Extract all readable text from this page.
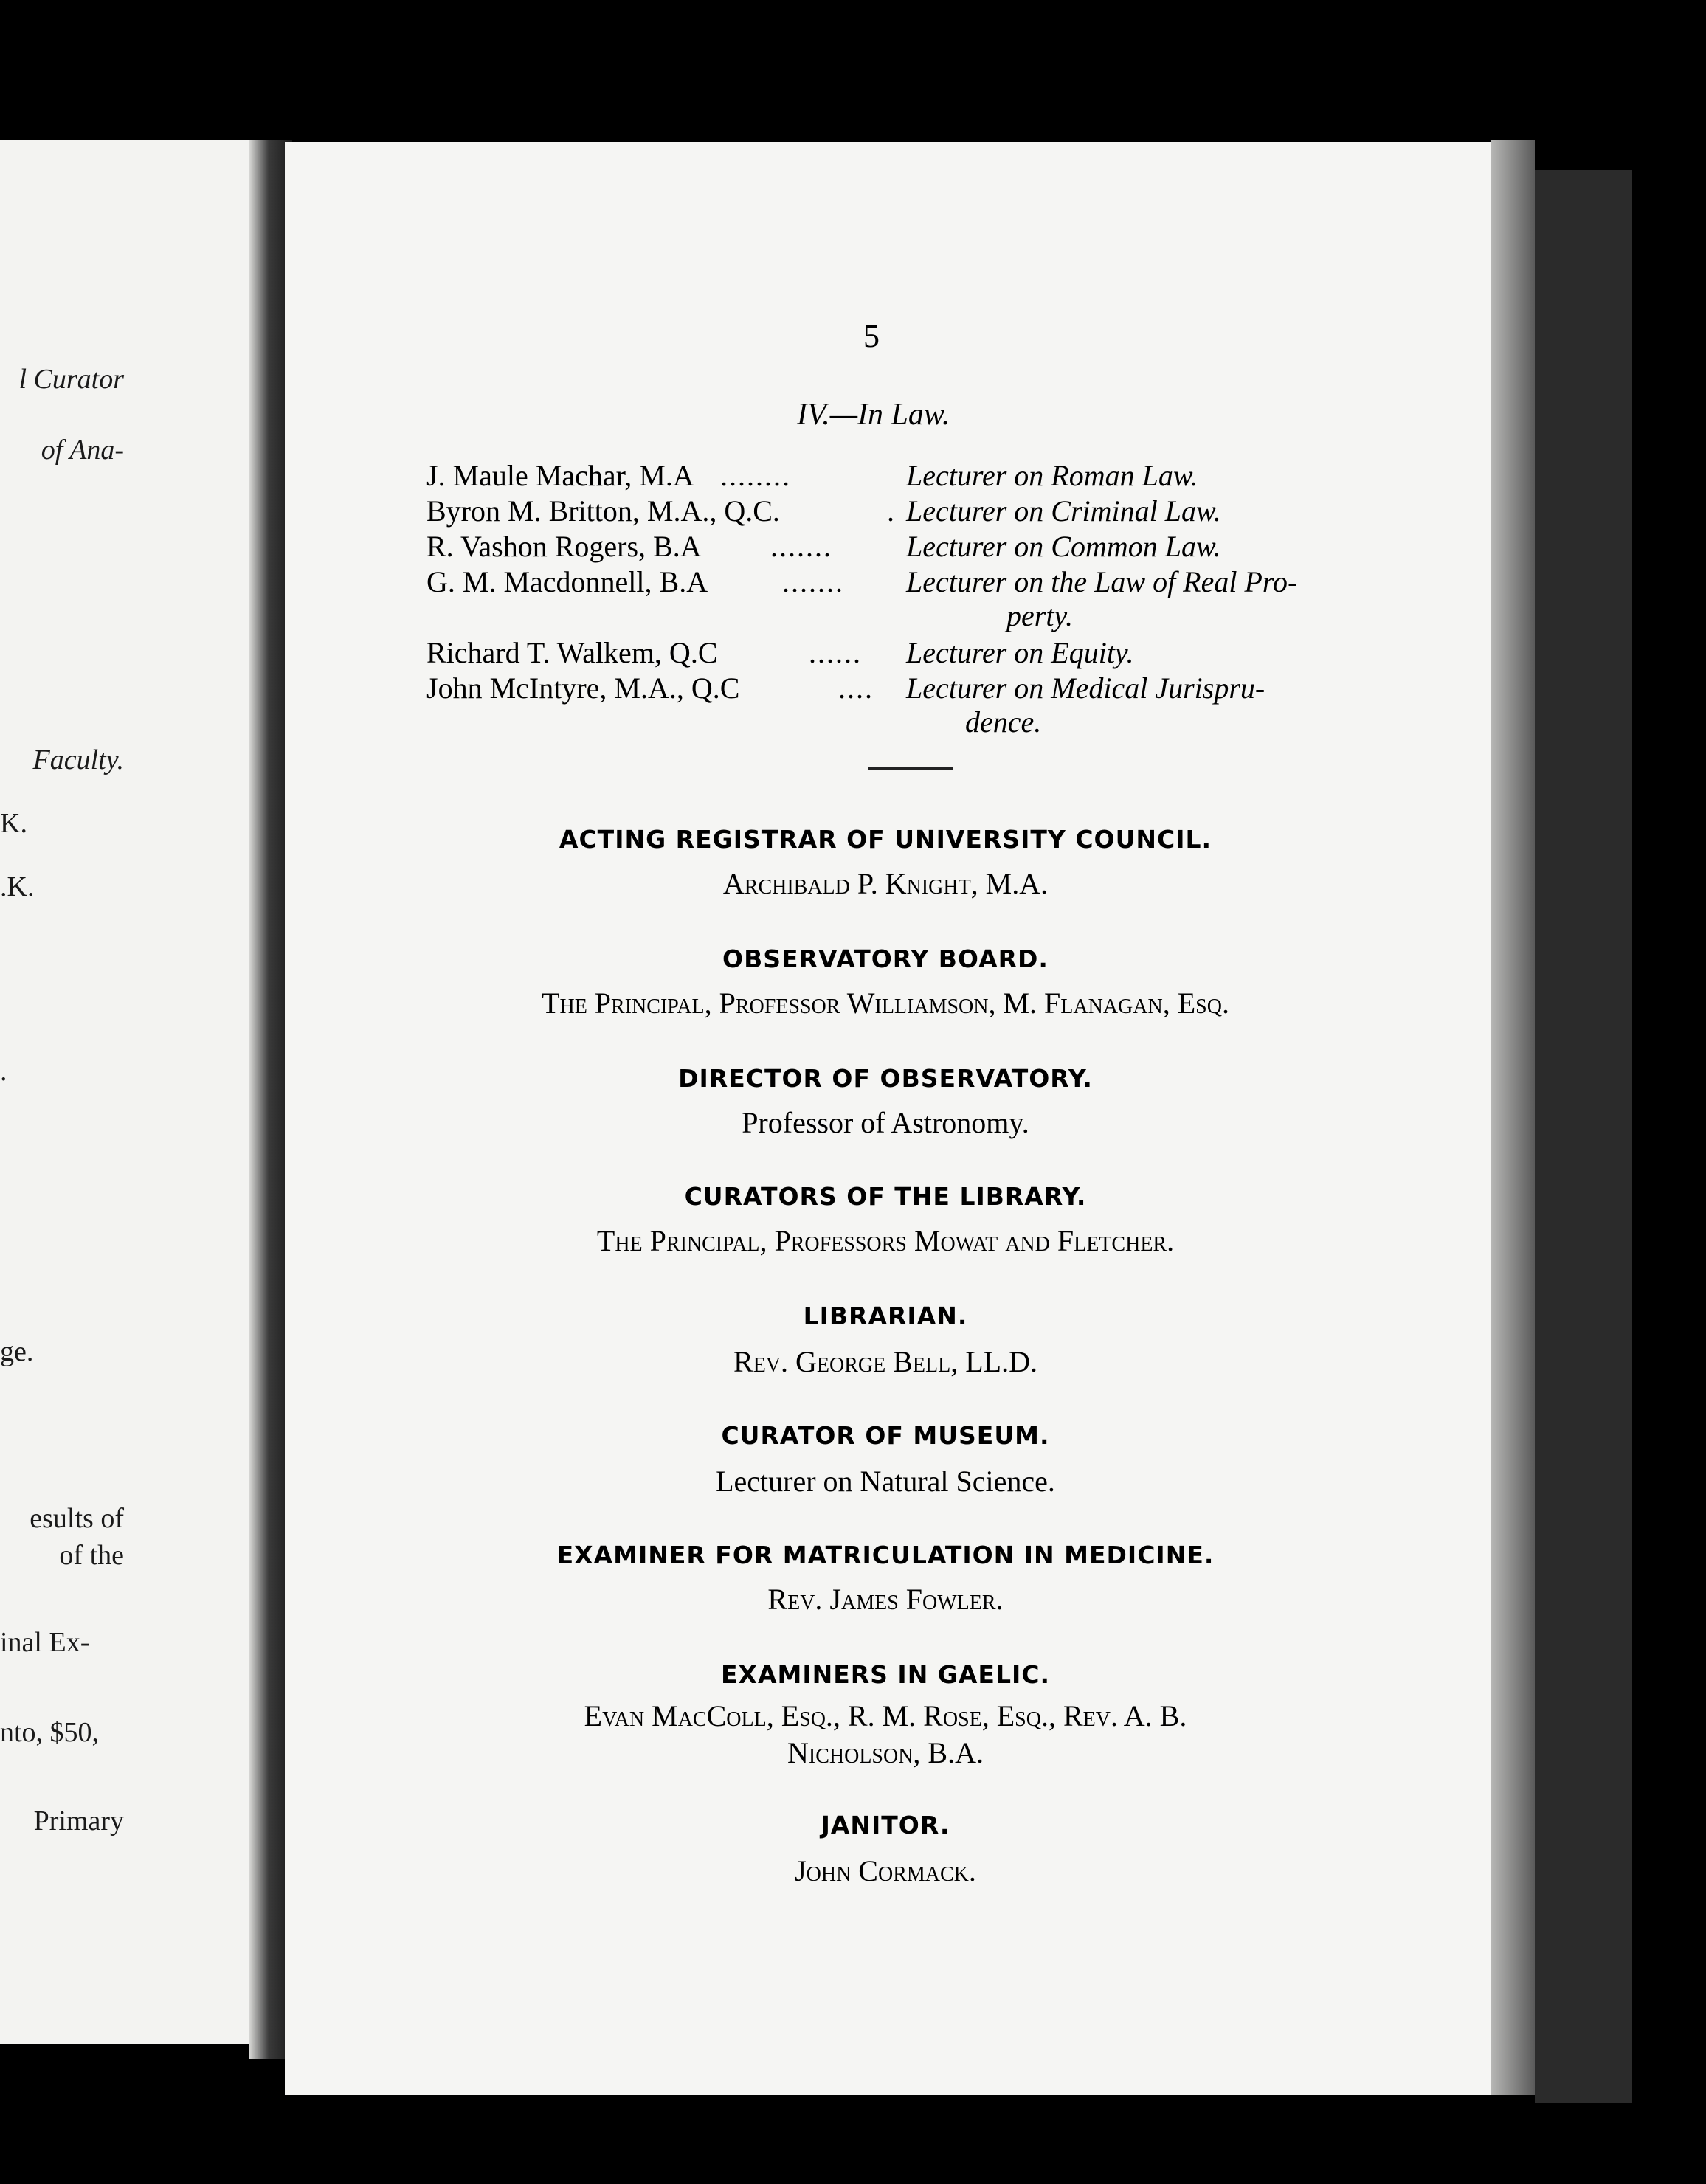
l Curator
of Ana-
Faculty.
K.
.K.
.
ge.
esults of
of the
inal Ex-
nto, $50,
Primary
5
IV.—In Law.
J. Maule Machar, M.A ........	Lecturer on Roman Law.
Byron M. Britton, M.A., Q.C.	. Lecturer on Criminal Law.
R. Vashon Rogers, B.A .......	Lecturer on Common Law.
G. M. Macdonnell, B.A	....... Lecturer on the Law of Real Pro-
perty.
Richard T. Walkem, Q.C	...... Lecturer on Equity.
John McIntyre, M.A., Q.C	.... Lecturer on Medical Jurispru-
dence.
ACTING REGISTRAR OF UNIVERSITY COUNCIL.
Archibald P. Knight, M.A.
OBSERVATORY BOARD.
The Principal, Professor Williamson, M. Flanagan, Esq.
DIRECTOR OF OBSERVATORY.
Professor of Astronomy.
CURATORS OF THE LIBRARY.
The Principal, Professors Mowat and Fletcher.
LIBRARIAN.
Rev. George Bell, LL.D.
CURATOR OF MUSEUM.
Lecturer on Natural Science.
EXAMINER FOR MATRICULATION IN MEDICINE.
Rev. James Fowler.
EXAMINERS IN GAELIC.
Evan MacColl, Esq., R. M. Rose, Esq., Rev. A. B.
Nicholson, B.A.
JANITOR.
John Cormack.
